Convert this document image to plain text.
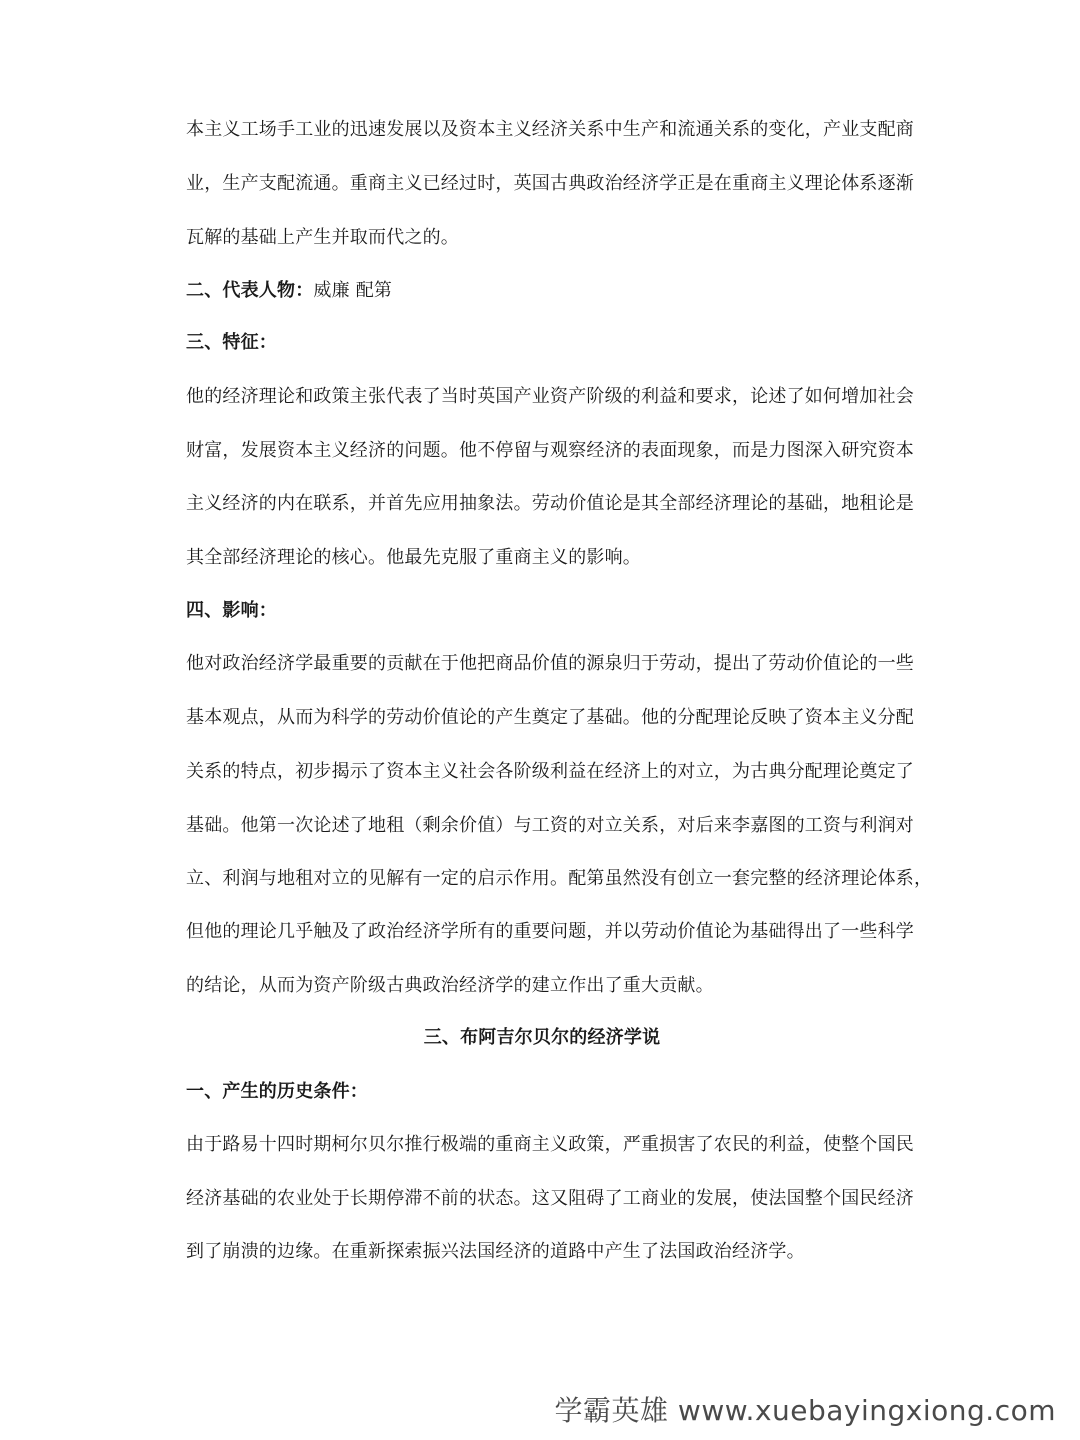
本主义工场手工业的迅速发展以及资本主义经济关系中生产和流通关系的变化，产业支配商
业，生产支配流通。重商主义已经过时，英国古典政治经济学正是在重商主义理论体系逐渐
瓦解的基础上产生并取而代之的。
二、代表人物：威廉 配第
三、特征：
他的经济理论和政策主张代表了当时英国产业资产阶级的利益和要求，论述了如何增加社会
财富，发展资本主义经济的问题。他不停留与观察经济的表面现象，而是力图深入研究资本
主义经济的内在联系，并首先应用抽象法。劳动价值论是其全部经济理论的基础，地租论是
其全部经济理论的核心。他最先克服了重商主义的影响。
四、影响：
他对政治经济学最重要的贡献在于他把商品价值的源泉归于劳动，提出了劳动价值论的一些
基本观点，从而为科学的劳动价值论的产生奠定了基础。他的分配理论反映了资本主义分配
关系的特点，初步揭示了资本主义社会各阶级利益在经济上的对立，为古典分配理论奠定了
基础。他第一次论述了地租（剩余价值）与工资的对立关系，对后来李嘉图的工资与利润对
立、利润与地租对立的见解有一定的启示作用。配第虽然没有创立一套完整的经济理论体系，
但他的理论几乎触及了政治经济学所有的重要问题，并以劳动价值论为基础得出了一些科学
的结论，从而为资产阶级古典政治经济学的建立作出了重大贡献。
三、布阿吉尔贝尔的经济学说
一、产生的历史条件：
由于路易十四时期柯尔贝尔推行极端的重商主义政策，严重损害了农民的利益，使整个国民
经济基础的农业处于长期停滞不前的状态。这又阻碍了工商业的发展，使法国整个国民经济
到了崩溃的边缘。在重新探索振兴法国经济的道路中产生了法国政治经济学。
学霸英雄 www.xuebayingxiong.com
